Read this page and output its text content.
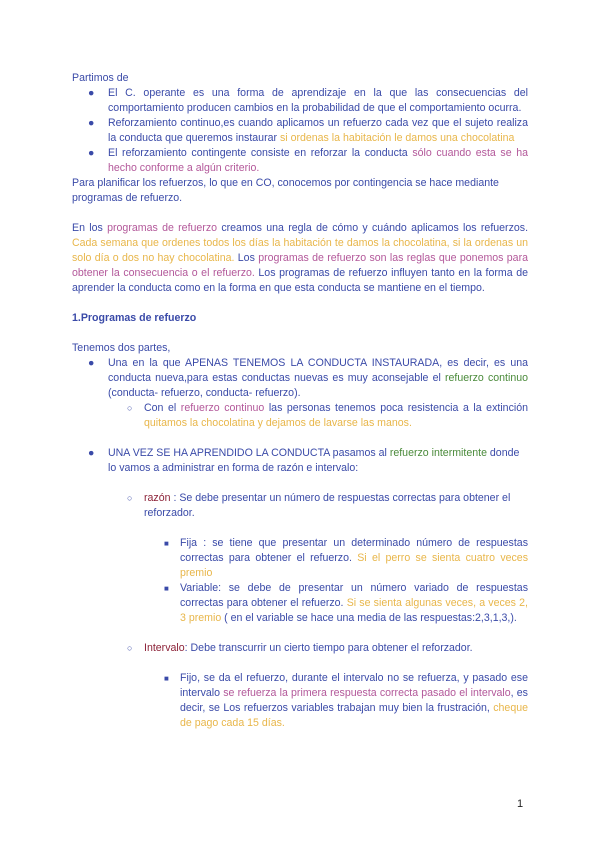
Partimos de

● El C. operante es una forma de aprendizaje en la que las consecuencias del comportamiento producen cambios en la probabilidad de que el comportamiento ocurra.
● Reforzamiento continuo,es cuando aplicamos un refuerzo cada vez que el sujeto realiza la conducta que queremos instaurar si ordenas la habitación le damos una chocolatina
● El reforzamiento contingente consiste en reforzar la conducta sólo cuando esta se ha hecho conforme a algún criterio.

Para planificar los refuerzos, lo que en CO, conocemos por contingencia se hace mediante programas de refuerzo.

En los programas de refuerzo creamos una regla de cómo y cuándo aplicamos los refuerzos. Cada semana que ordenes todos los días la habitación te damos la chocolatina, si la ordenas un solo día o dos no hay chocolatina. Los programas de refuerzo son las reglas que ponemos para obtener la consecuencia o el refuerzo. Los programas de refuerzo influyen tanto en la forma de aprender la conducta como en la forma en que esta conducta se mantiene en el tiempo.

1.Programas de refuerzo

Tenemos dos partes,

● Una en la que APENAS TENEMOS LA CONDUCTA INSTAURADA, es decir, es una conducta nueva,para estas conductas nuevas es muy aconsejable el refuerzo continuo (conducta- refuerzo, conducta- refuerzo).
○ Con el refuerzo continuo las personas tenemos poca resistencia a la extinción quitamos la chocolatina y dejamos de lavarse las manos.
● UNA VEZ SE HA APRENDIDO LA CONDUCTA pasamos al refuerzo intermitente donde lo vamos a administrar en forma de razón e intervalo:
○ razón : Se debe presentar un número de respuestas correctas para obtener el reforzador.
■ Fija : se tiene que presentar un determinado número de respuestas correctas para obtener el refuerzo. Si el perro se sienta cuatro veces premio
■ Variable: se debe de presentar un número variado de respuestas correctas para obtener el refuerzo. Si se sienta algunas veces, a veces 2, 3 premio ( en el variable se hace una media de las respuestas:2,3,1,3,).
○ Intervalo: Debe transcurrir un cierto tiempo para obtener el reforzador.
■ Fijo, se da el refuerzo, durante el intervalo no se refuerza, y pasado ese intervalo se refuerza la primera respuesta correcta pasado el intervalo, es decir, se Los refuerzos variables trabajan muy bien la frustración, cheque de pago cada 15 días.
1
